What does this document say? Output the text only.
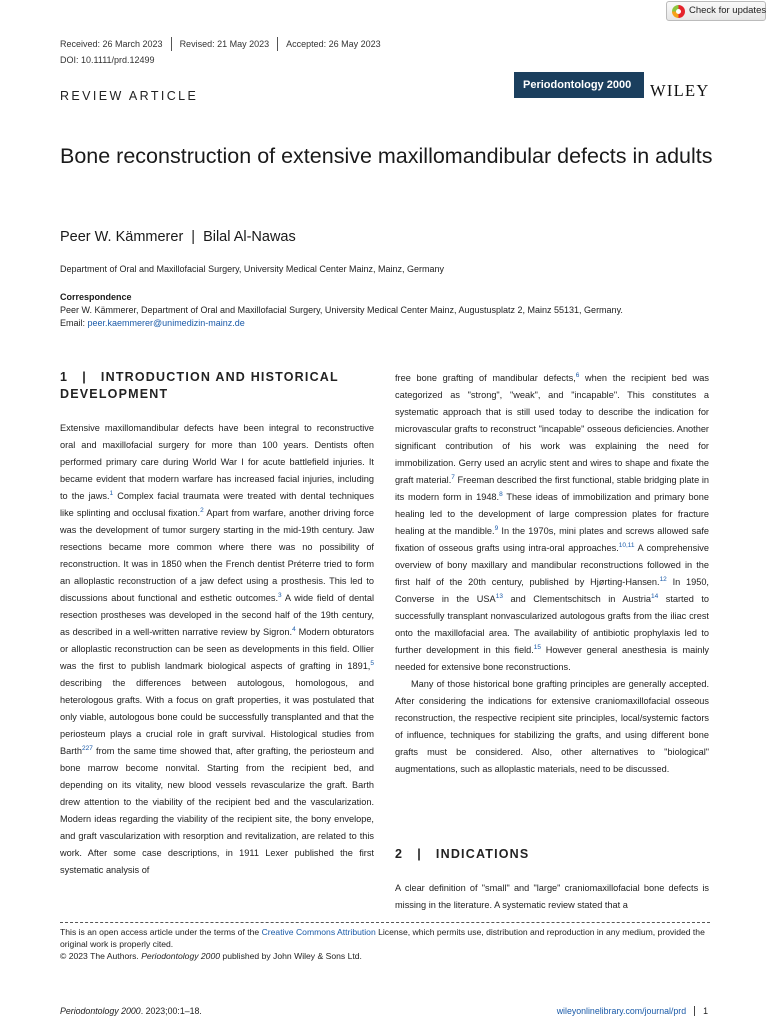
Check for updates
Received: 26 March 2023	Revised: 21 May 2023	Accepted: 26 May 2023
DOI: 10.1111/prd.12499
REVIEW ARTICLE
Periodontology 2000	WILEY
Bone reconstruction of extensive maxillomandibular defects in adults
Peer W. Kämmerer | Bilal Al-Nawas
Department of Oral and Maxillofacial Surgery, University Medical Center Mainz, Mainz, Germany
Correspondence
Peer W. Kämmerer, Department of Oral and Maxillofacial Surgery, University Medical Center Mainz, Augustusplatz 2, Mainz 55131, Germany.
Email: peer.kaemmerer@unimedizin-mainz.de
1 | INTRODUCTION AND HISTORICAL DEVELOPMENT

Extensive maxillomandibular defects have been integral to reconstructive oral and maxillofacial surgery for more than 100 years. Dentists often performed primary care during World War I for acute battlefield injuries. It became evident that modern warfare has increased facial injuries, including to the jaws.$^1$ Complex facial traumata were treated with dental techniques like splinting and occlusal fixation.$^2$ Apart from warfare, another driving force was the development of tumor surgery starting in the mid-19th century. Jaw resections became more common where there was no possibility of reconstruction. It was in 1850 when the French dentist Préterre tried to form an alloplastic reconstruction of a jaw defect using a prosthesis. This led to discussions about functional and esthetic outcomes.$^3$ A wide field of dental resection prostheses was developed in the second half of the 19th century, as described in a well-written narrative review by Sigron.$^4$ Modern obturators or alloplastic reconstruction can be seen as developments in this field. Ollier was the first to publish landmark biological aspects of grafting in 1891,$^5$ describing the differences between autologous, homologous, and heterologous grafts. With a focus on graft properties, it was postulated that only viable, autologous bone could be successfully transplanted and that the periosteum plays a crucial role in graft survival. Histological studies from Barth$^{227}$ from the same time showed that, after grafting, the periosteum and bone marrow become nonvital. Starting from the recipient bed, and depending on its vitality, new blood vessels revascularize the graft. Barth drew attention to the viability of the recipient bed and the vascularization. Modern ideas regarding the viability of the recipient site, the bony envelope, and graft vascularization with resorption and revitalization, are related to this work. After some case descriptions, in 1911 Lexer published the first systematic analysis of

free bone grafting of mandibular defects,$^6$ when the recipient bed was categorized as "strong", "weak", and "incapable". This constitutes a systematic approach that is still used today to describe the indication for microvascular grafts to reconstruct "incapable" osseous deficiencies. Another significant contribution of his work was explaining the need for immobilization. Gerry used an acrylic stent and wires to shape and fixate the graft material.$^7$ Freeman described the first functional, stable bridging plate in its modern form in 1948.$^8$ These ideas of immobilization and primary bone healing led to the development of large compression plates for fracture healing at the mandible.$^9$ In the 1970s, mini plates and screws allowed safe fixation of osseous grafts using intra-oral approaches.$^{10,11}$ A comprehensive overview of bony maxillary and mandibular reconstructions followed in the first half of the 20th century, published by Hjørting-Hansen.$^{12}$ In 1950, Converse in the USA$^{13}$ and Clementschitsch in Austria$^{14}$ started to successfully transplant nonvascularized autologous grafts from the iliac crest onto the maxillofacial area. The availability of antibiotic prophylaxis led to further development in this field.$^{15}$ However general anesthesia is mainly needed for extensive bone reconstructions.

Many of those historical bone grafting principles are generally accepted. After considering the indications for extensive craniomaxillofacial osseous reconstruction, the respective recipient site principles, local/systemic factors of influence, techniques for stabilizing the grafts, and using different bone grafts must be considered. Also, other alternatives to "biological" augmentations, such as alloplastic materials, need to be discussed.

2 | INDICATIONS
A clear definition of "small" and "large" craniomaxillofacial bone defects is missing in the literature. A systematic review stated that a
This is an open access article under the terms of the Creative Commons Attribution License, which permits use, distribution and reproduction in any medium, provided the original work is properly cited.
© 2023 The Authors. Periodontology 2000 published by John Wiley & Sons Ltd.
Periodontology 2000. 2023;00:1–18.	wileyonlinelibrary.com/journal/prd	1
